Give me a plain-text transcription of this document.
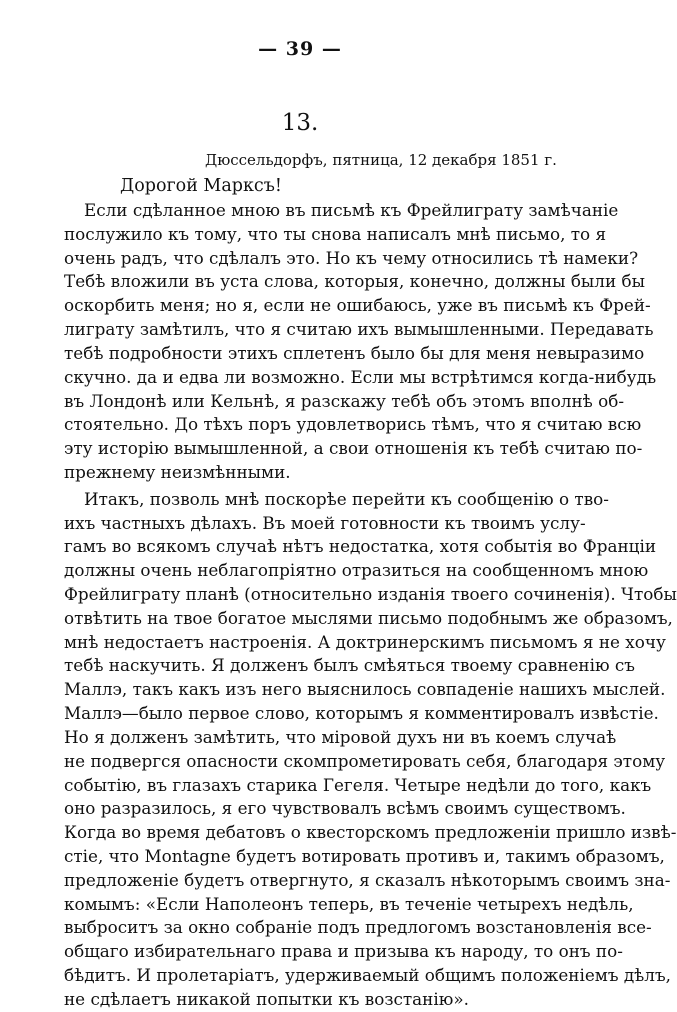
— 39 —
13.
Дюссельдорфъ, пятница, 12 декабря 1851 г.
Дорогой Марксъ!
Если сдѣланное мною въ письмѣ къ Фрейлиграту замѣчаніе
послужило къ тому, что ты снова написалъ мнѣ письмо, то я
очень радъ, что сдѣлалъ это. Но къ чему относились тѣ намеки?
Тебѣ вложили въ уста слова, которыя, конечно, должны были бы
оскорбить меня; но я, если не ошибаюсь, уже въ письмѣ къ Фрей-
лиграту замѣтилъ, что я считаю ихъ вымышленными. Передавать
тебѣ подробности этихъ сплетенъ было бы для меня невыразимо
скучно. да и едва ли возможно. Если мы встрѣтимся когда-нибудь
въ Лондонѣ или Кельнѣ, я разскажу тебѣ объ этомъ вполнѣ об-
стоятельно. До тѣхъ поръ удовлетворись тѣмъ, что я считаю всю
эту исторію вымышленной, а свои отношенія къ тебѣ считаю по-
прежнему неизмѣнными.
Итакъ, позволь мнѣ поскорѣе перейти къ сообщенію о тво-
ихъ частныхъ дѣлахъ. Въ моей готовности къ твоимъ услу-
гамъ во всякомъ случаѣ нѣтъ недостатка, хотя событія во Франціи
должны очень неблагопріятно отразиться на сообщенномъ мною
Фрейлиграту планѣ (относительно изданія твоего сочиненія). Чтобы
отвѣтить на твое богатое мыслями письмо подобнымъ же образомъ,
мнѣ недостаетъ настроенія. А доктринерскимъ письмомъ я не хочу
тебѣ наскучить. Я долженъ былъ смѣяться твоему сравненію съ
Маллэ, такъ какъ изъ него выяснилось совпаденіе нашихъ мыслей.
Маллэ—было первое слово, которымъ я комментировалъ извѣстіе.
Но я долженъ замѣтить, что міровой духъ ни въ коемъ случаѣ
не подвергся опасности скомпрометировать себя, благодаря этому
событію, въ глазахъ старика Гегеля. Четыре недѣли до того, какъ
оно разразилось, я его чувствовалъ всѣмъ своимъ существомъ.
Когда во время дебатовъ о квесторскомъ предложеніи пришло извѣ-
стіе, что Montagne будетъ вотировать противъ и, такимъ образомъ,
предложеніе будетъ отвергнуто, я сказалъ нѣкоторымъ своимъ зна-
комымъ: «Если Наполеонъ теперь, въ теченіе четырехъ недѣль,
выброситъ за окно собраніе подъ предлогомъ возстановленія все-
общаго избирательнаго права и призыва къ народу, то онъ по-
бѣдитъ. И пролетаріатъ, удерживаемый общимъ положеніемъ дѣлъ,
не сдѣлаетъ никакой попытки къ возстанію».
